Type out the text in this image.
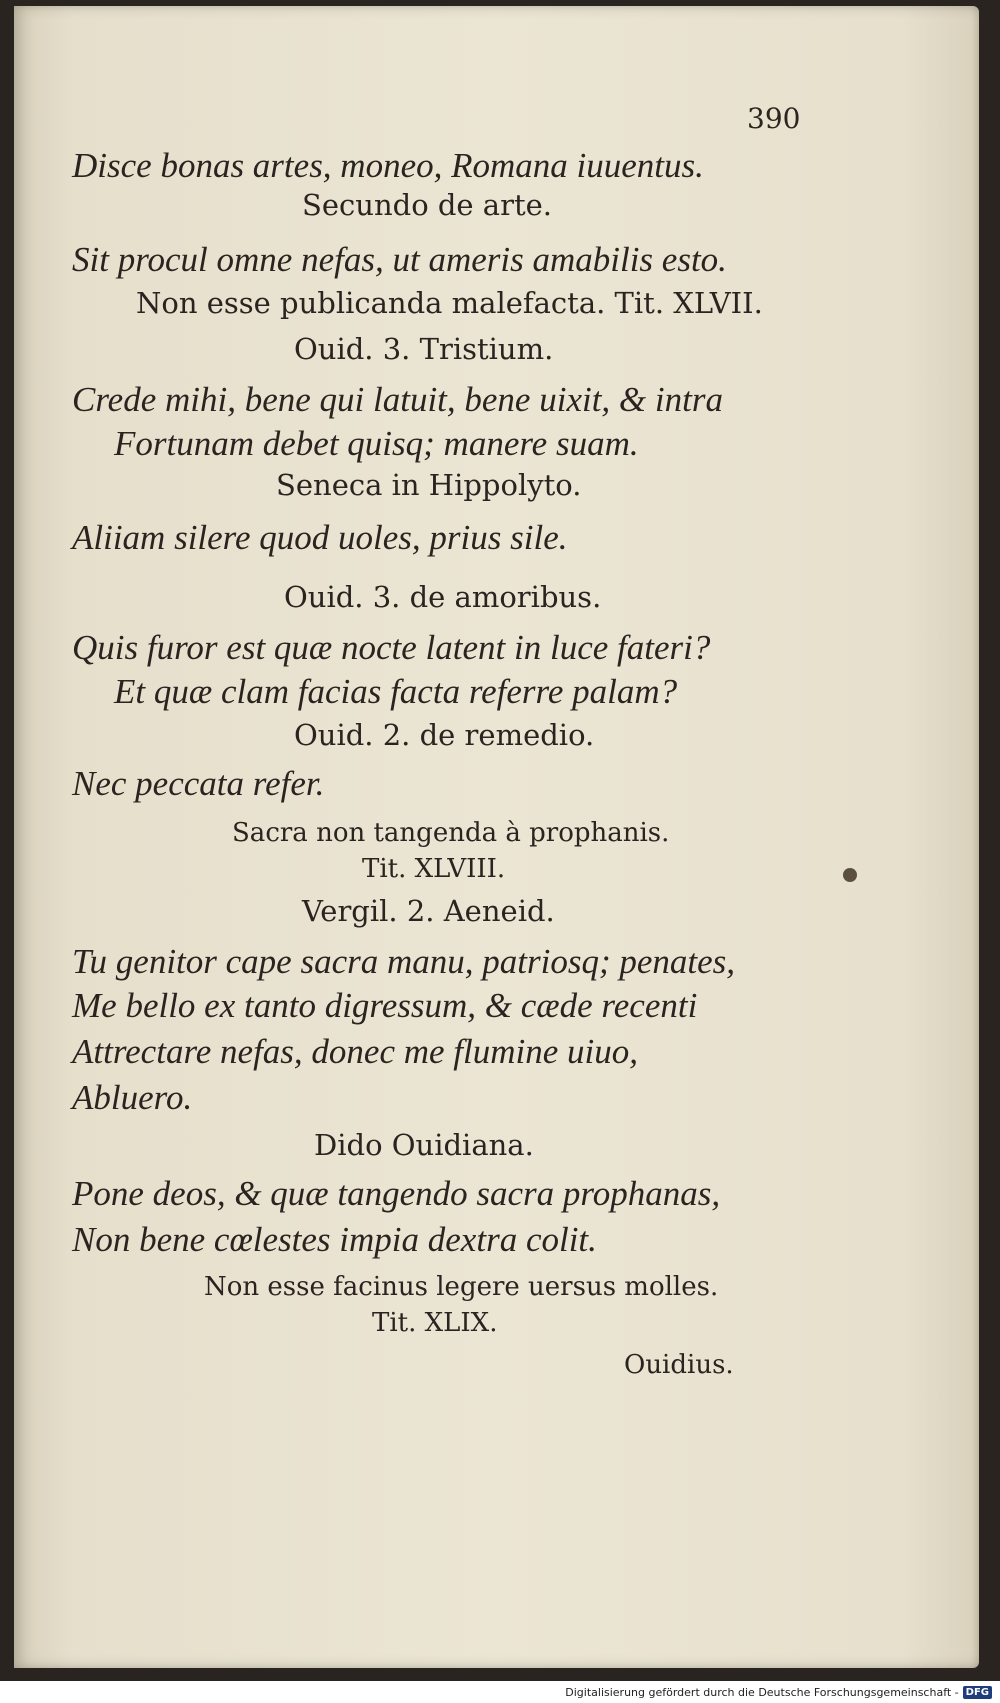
390
Disce bonas artes, moneo, Romana iuuentus.
Secundo de arte.
Sit procul omne nefas, ut ameris amabilis esto.
Non esse publicanda malefacta. Tit. XLVII.
Ouid. 3. Tristium.
Crede mihi, bene qui latuit, bene uixit, & intra
Fortunam debet quisq; manere suam.
Seneca in Hippolyto.
Aliiam silere quod uoles, prius sile.
Ouid. 3. de amoribus.
Quis furor est quæ nocte latent in luce fateri?
Et quæ clam facias facta referre palam?
Ouid. 2. de remedio.
Nec peccata refer.
Sacra non tangenda à prophanis.
Tit. XLVIII.
Vergil. 2. Aeneid.
Tu genitor cape sacra manu, patriosq; penates,
Me bello ex tanto digressum, & cæde recenti
Attrectare nefas, donec me flumine uiuo,
Abluero.
Dido Ouidiana.
Pone deos, & quæ tangendo sacra prophanas,
Non bene cœlestes impia dextra colit.
Non esse facinus legere uersus molles.
Tit. XLIX.
Ouidius.
Digitalisierung gefördert durch die Deutsche Forschungsgemeinschaft - DFG
